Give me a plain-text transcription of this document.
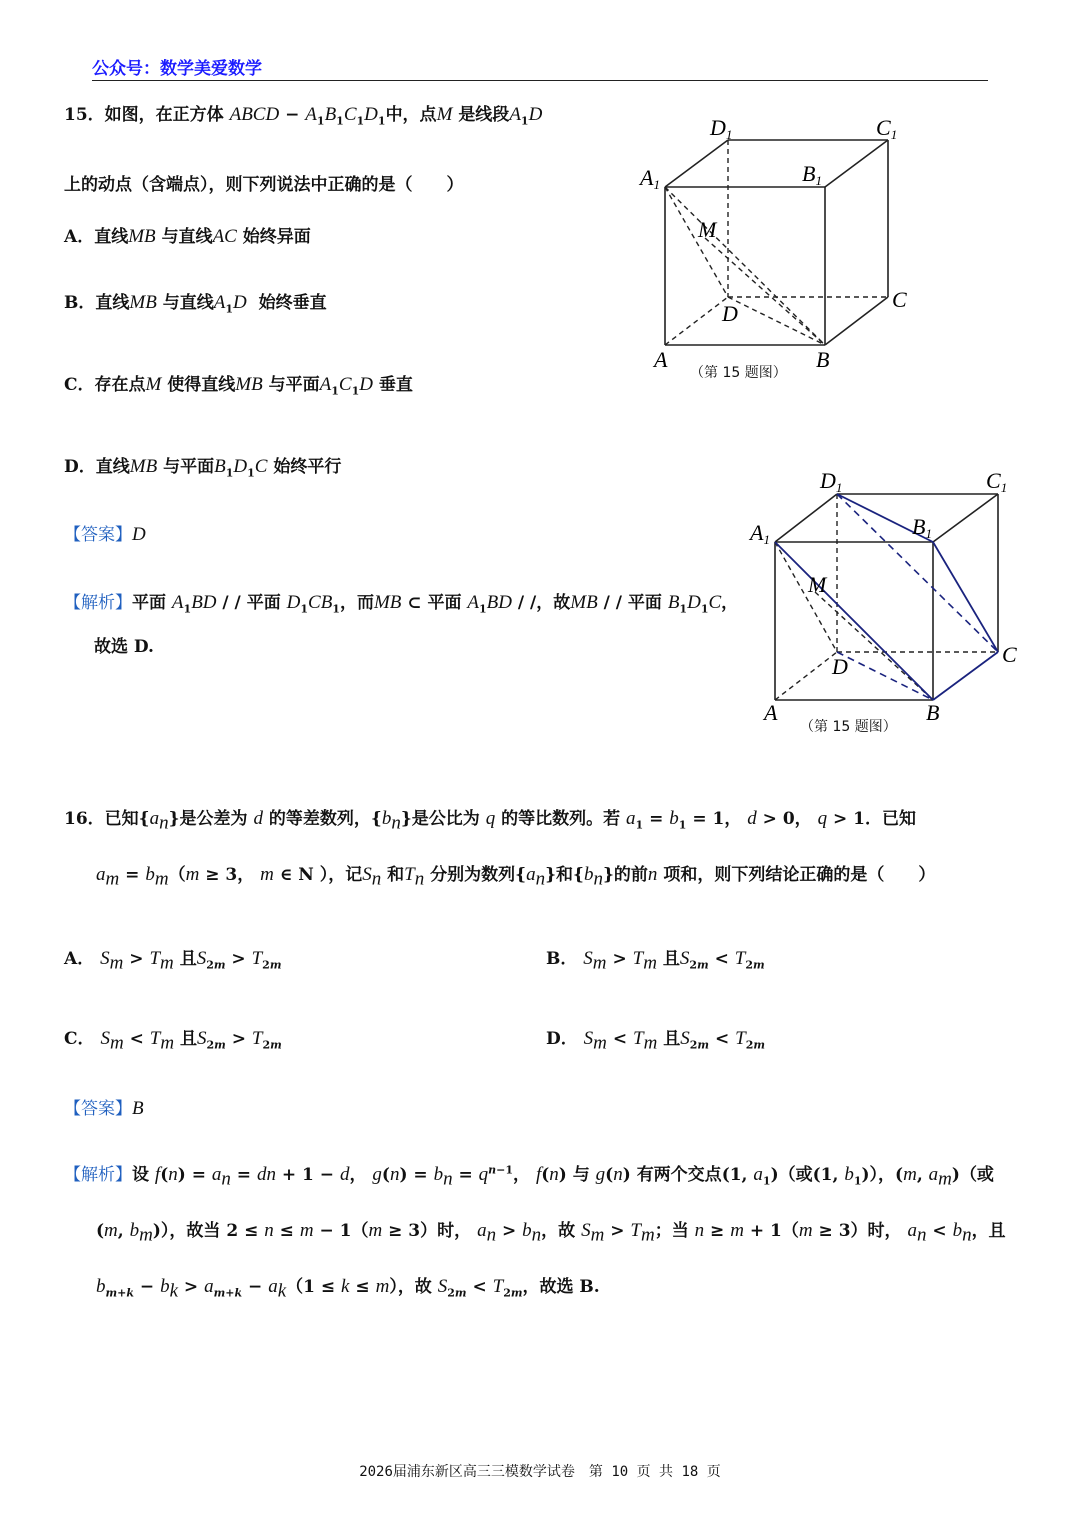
公众号：数学美爱数学
15．如图，在正方体 ABCD − $A_1B_1C_1D_1$中，点M 是线段$A_1D$
上的动点（含端点），则下列说法中正确的是（　　）
A．直线MB 与直线AC 始终异面
B．直线MB 与直线$A_1D$ 始终垂直
C．存在点M 使得直线MB 与平面$A_1C_1D$ 垂直
D．直线MB 与平面$B_1D_1C$ 始终平行
【答案】D
【解析】平面 $A_1BD$ / / 平面 $D_1CB_1$，而MB ⊂ 平面 $A_1BD$ / /，故MB / / 平面 $B_1D_1C$，
故选 D.
D1	C1
A1	B1
M
D
C
A	B
（第 15 题图）
D1	C1
A1
B1
M
D	C
A	B
（第 15 题图）
16．已知$\{a_n\}$是公差为 d 的等差数列，$\{b_n\}$是公比为 q 的等比数列。若 $a_1 = b_1 = 1$， d > 0， q > 1．已知
$a_m = b_m(m \ge 3$， m ∈ N ），记$S_n$ 和$T_n$ 分别为数列$\{a_n\}$和$\{b_n\}$的前n 项和，则下列结论正确的是（　　）
A． $S_m > T_m$ 且$S_{2m} > T_{2m}$	B． $S_m > T_m$ 且$S_{2m} < T_{2m}$
C． $S_m < T_m$ 且$S_{2m} > T_{2m}$	D． $S_m < T_m$ 且$S_{2m} < T_{2m}$
【答案】B
【解析】设 $f(n) = a_n$ = dn + 1 − d， $g(n) = b_n = q^{n-1}$， f(n) 与 g(n) 有两个交点(1, $a_1$)（或(1, $b_1$)），(m, $a_m$)（或
(m, $b_m$)），故当 2 ≤ n ≤ m − 1（m ≥ 3）时， $a_n > b_n$，故 $S_m > T_m$；当 n ≥ m + 1（m ≥ 3）时， $a_n < b_n$，且
$b_{m+k} - b_k > a_{m+k} - a_k(1 \le k \le m)$，故 $S_{2m} < T_{2m}$，故选 B.
2026届浦东新区高三三模数学试卷　第 10 页 共 18 页
